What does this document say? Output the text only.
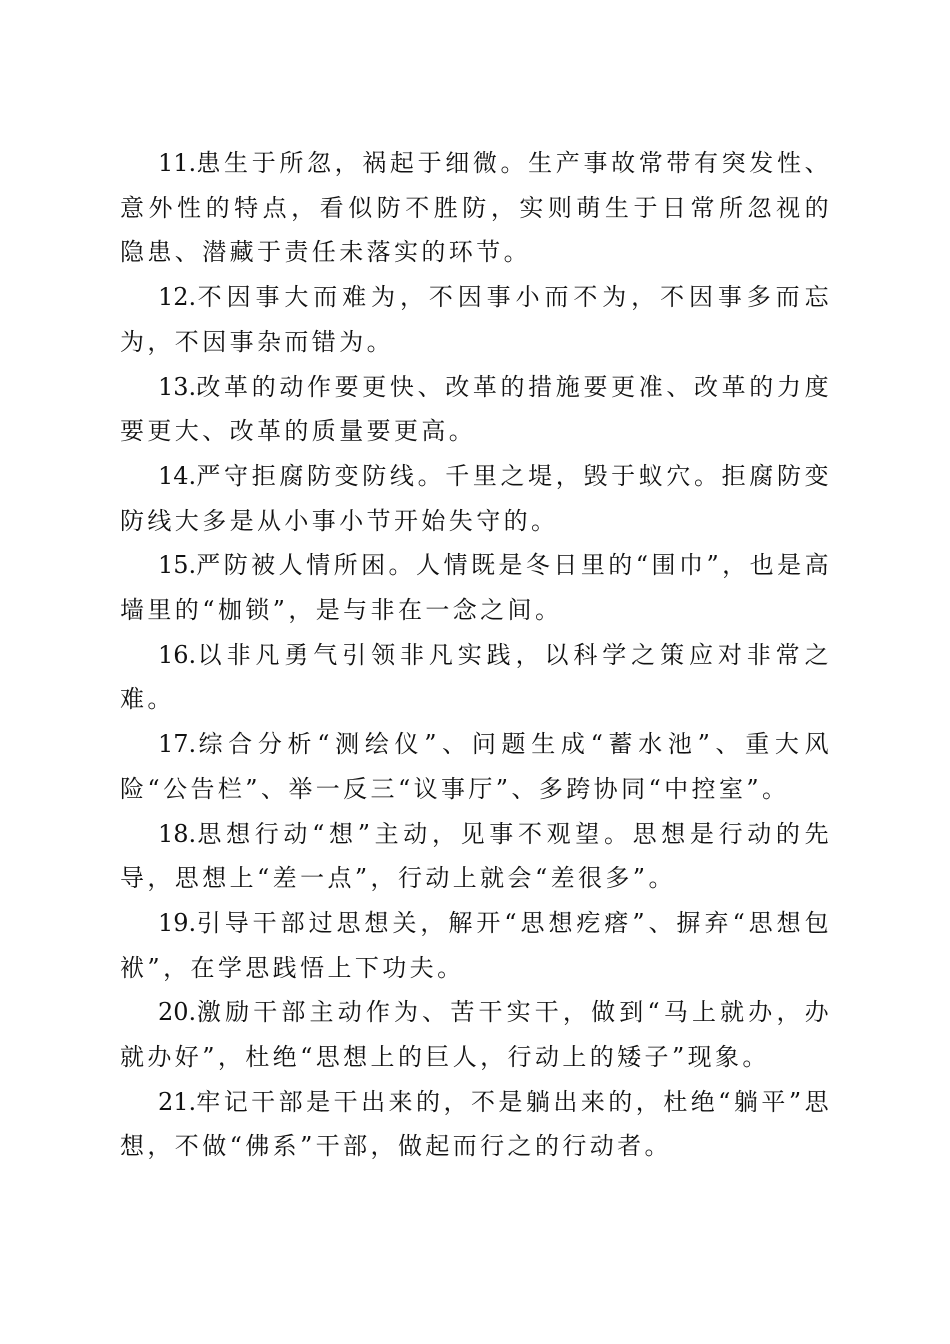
11.患生于所忽，祸起于细微。生产事故常带有突发性、意外性的特点，看似防不胜防，实则萌生于日常所忽视的隐患、潜藏于责任未落实的环节。

12.不因事大而难为，不因事小而不为，不因事多而忘为，不因事杂而错为。

13.改革的动作要更快、改革的措施要更准、改革的力度要更大、改革的质量要更高。

14.严守拒腐防变防线。千里之堤，毁于蚁穴。拒腐防变防线大多是从小事小节开始失守的。

15.严防被人情所困。人情既是冬日里的“围巾”，也是高墙里的“枷锁”，是与非在一念之间。

16.以非凡勇气引领非凡实践，以科学之策应对非常之难。

17.综合分析“测绘仪”、问题生成“蓄水池”、重大风险“公告栏”、举一反三“议事厅”、多跨协同“中控室”。

18.思想行动“想”主动，见事不观望。思想是行动的先导，思想上“差一点”，行动上就会“差很多”。

19.引导干部过思想关，解开“思想疙瘩”、摒弃“思想包袱”，在学思践悟上下功夫。

20.激励干部主动作为、苦干实干，做到“马上就办，办就办好”，杜绝“思想上的巨人，行动上的矮子”现象。

21.牢记干部是干出来的，不是躺出来的，杜绝“躺平”思想，不做“佛系”干部，做起而行之的行动者。
